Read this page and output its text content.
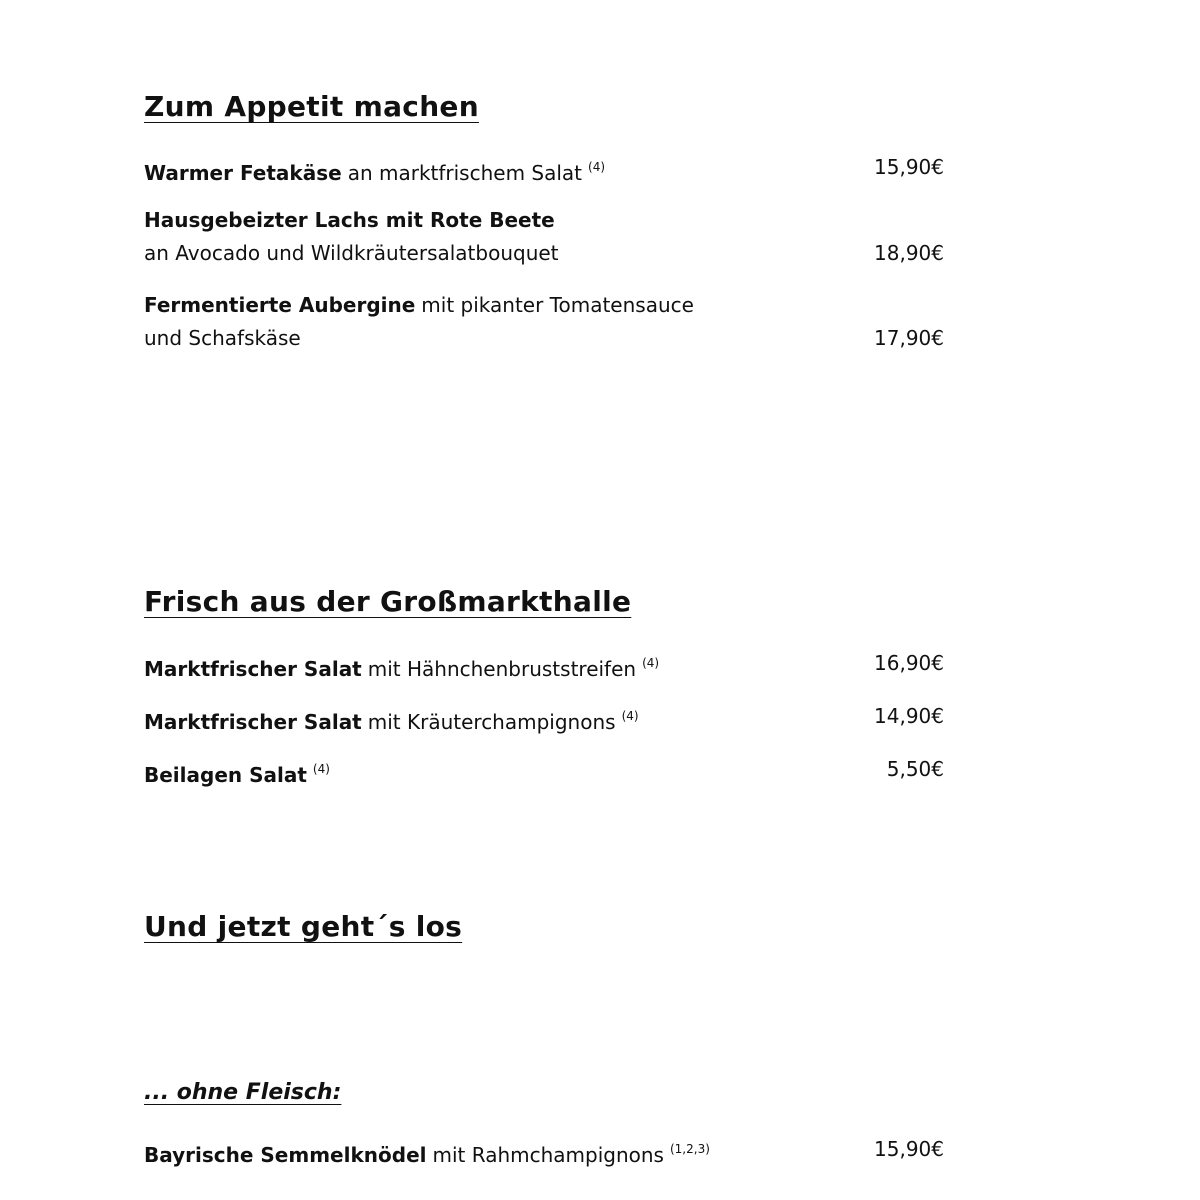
Zum Appetit machen
Warmer Fetakäse an marktfrischem Salat $^{(4)}$	15,90€
Hausgebeizter Lachs mit Rote Beete
an Avocado und Wildkräutersalatbouquet	18,90€
Fermentierte Aubergine mit pikanter Tomatensauce
und Schafskäse	17,90€
Frisch aus der Großmarkthalle
Marktfrischer Salat mit Hähnchenbruststreifen $^{(4)}$	16,90€
Marktfrischer Salat mit Kräuterchampignons $^{(4)}$	14,90€
Beilagen Salat $^{(4)}$	5,50€
Und jetzt geht´s los
... ohne Fleisch:
Bayrische Semmelknödel mit Rahmchampignons $^{(1,2,3)}$	15,90€
